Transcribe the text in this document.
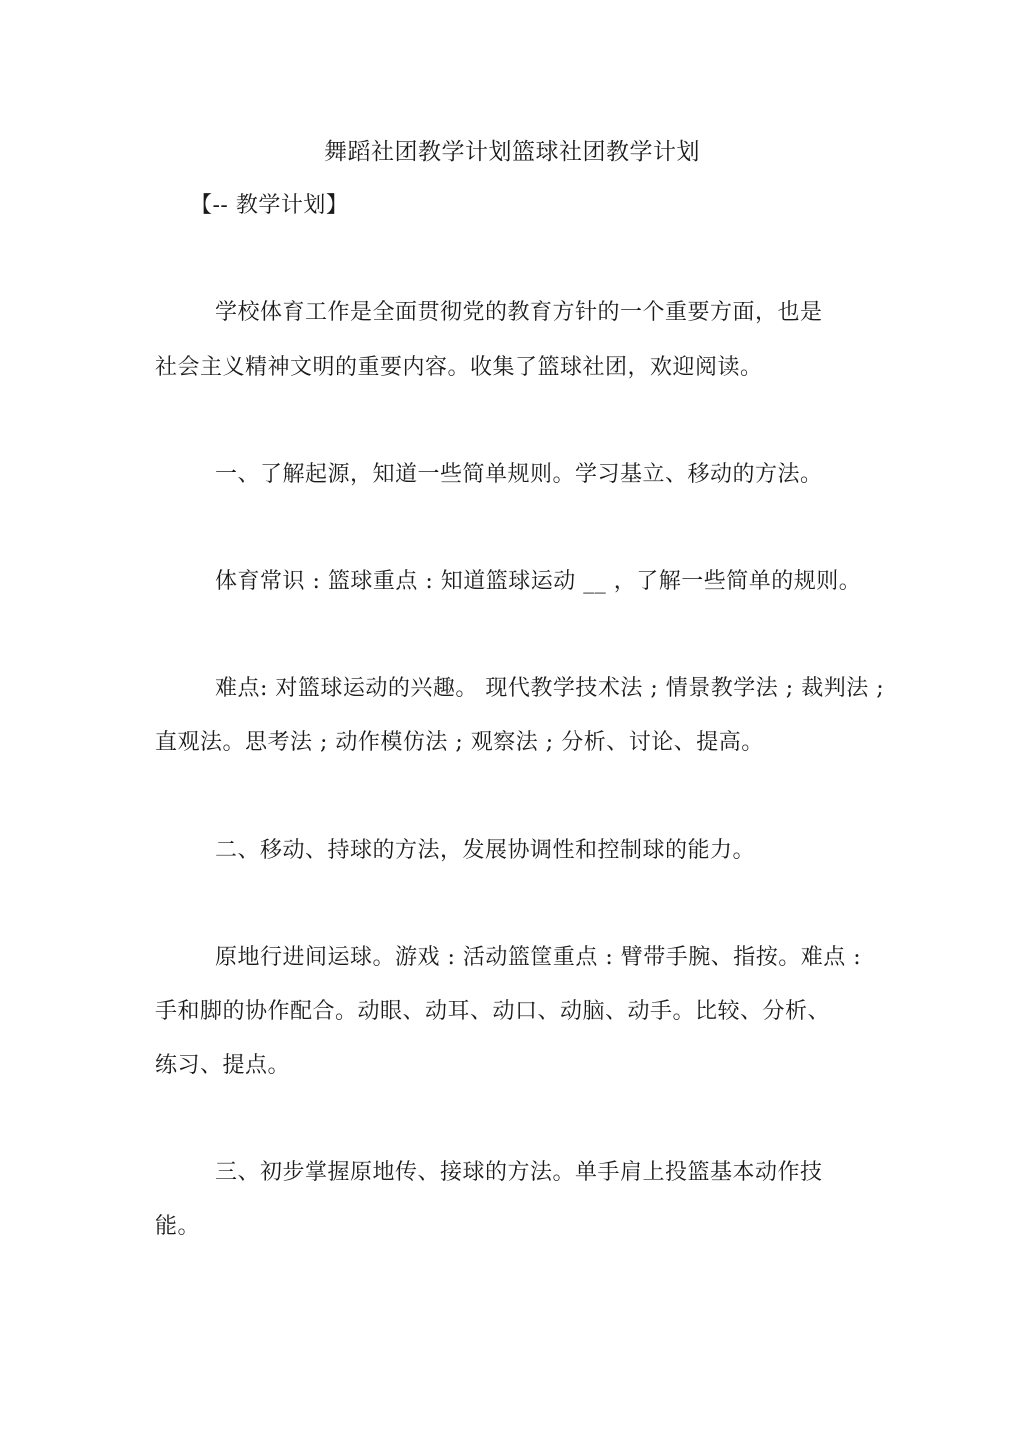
舞蹈社团教学计划篮球社团教学计划
【-- 教学计划】
学校体育工作是全面贯彻党的教育方针的一个重要方面，也是
社会主义精神文明的重要内容。收集了篮球社团，欢迎阅读。
一、了解起源，知道一些简单规则。学习基立、移动的方法。
体育常识 : 篮球重点 : 知道篮球运动 __ ，了解一些简单的规则。
难点: 对篮球运动的兴趣。 现代教学技术法 ; 情景教学法 ; 裁判法 ;
直观法。思考法 ; 动作模仿法 ; 观察法 ; 分析、讨论、提高。
二、移动、持球的方法，发展协调性和控制球的能力。
原地行进间运球。游戏 : 活动篮筐重点 : 臂带手腕、指按。难点 :
手和脚的协作配合。动眼、动耳、动口、动脑、动手。比较、分析、
练习、提点。
三、初步掌握原地传、接球的方法。单手肩上投篮基本动作技
能。
